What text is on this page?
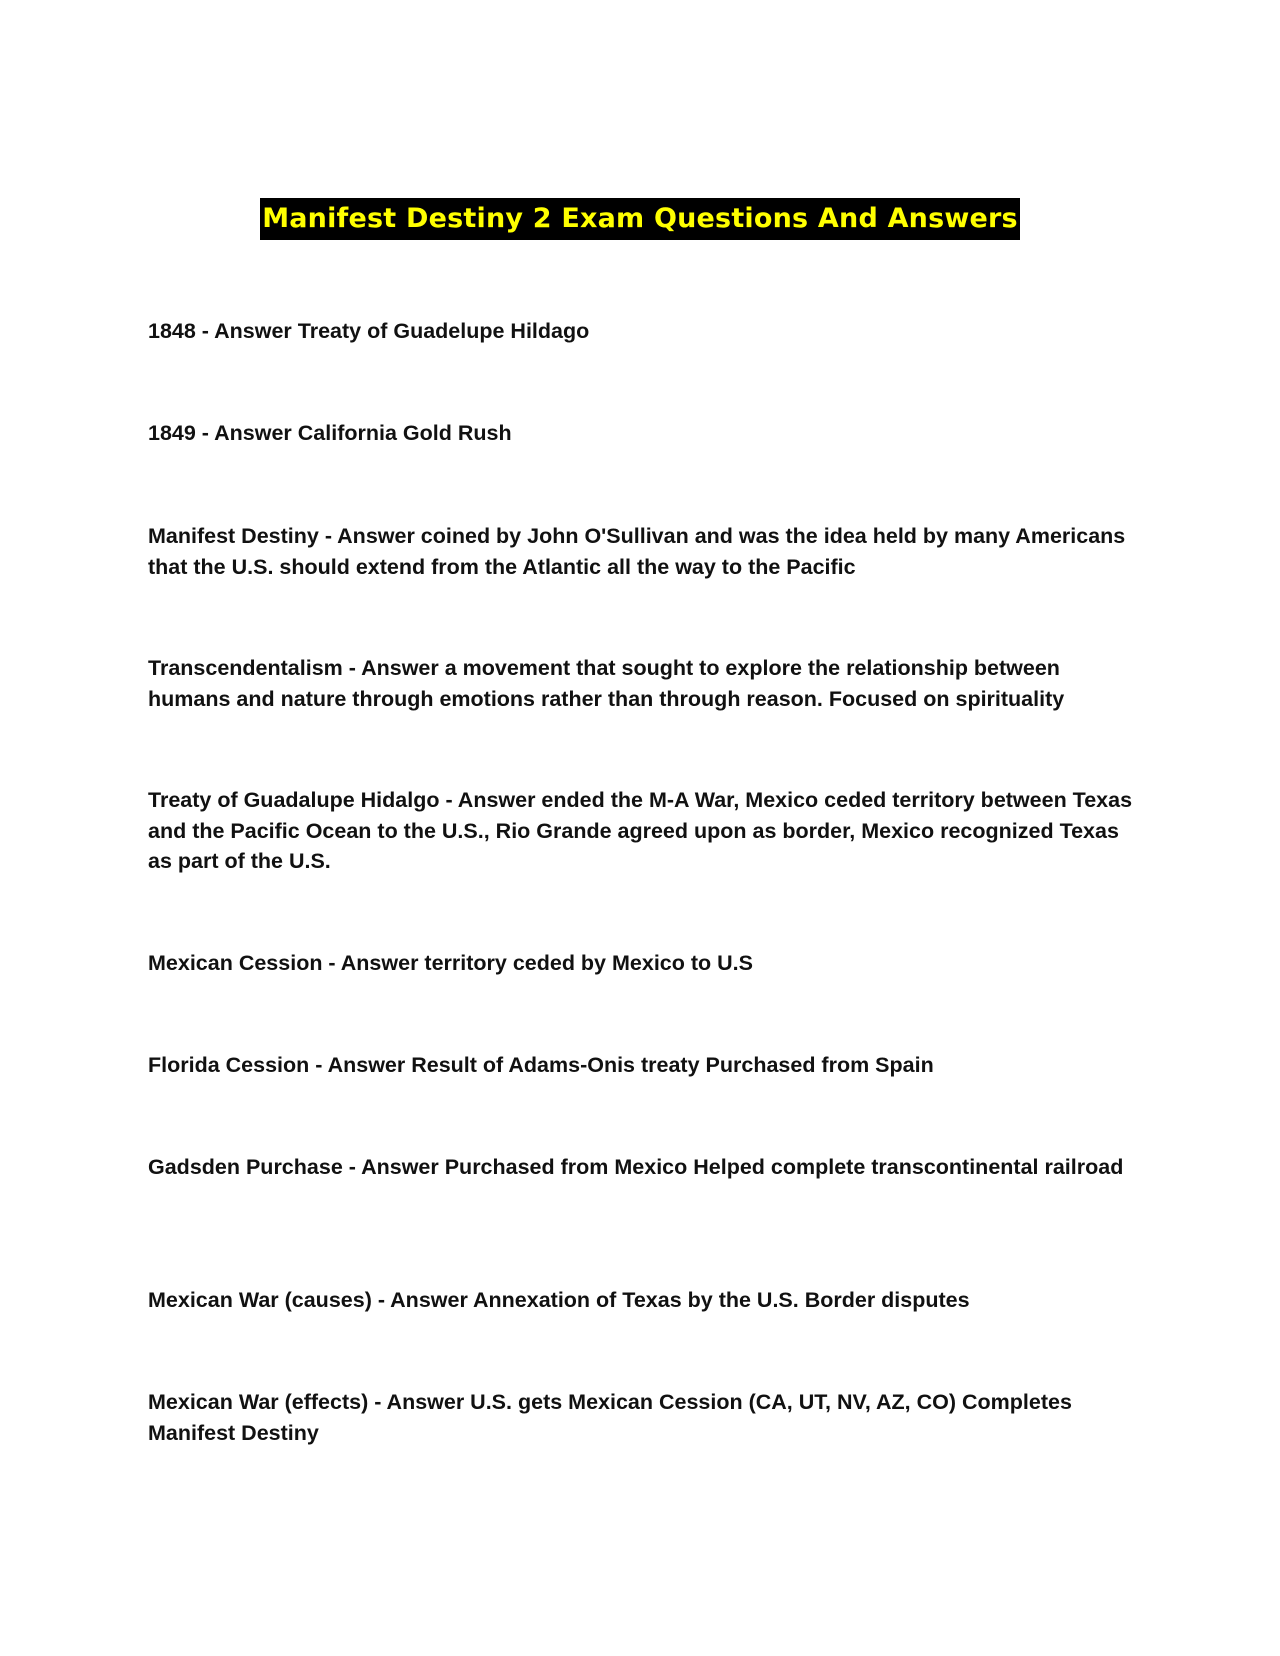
Manifest Destiny 2 Exam Questions And Answers
1848 - Answer Treaty of Guadelupe Hildago
1849 - Answer California Gold Rush
Manifest Destiny - Answer coined by John O'Sullivan and was the idea held by many Americans that the U.S. should extend from the Atlantic all the way to the Pacific
Transcendentalism - Answer a movement that sought to explore the relationship between humans and nature through emotions rather than through reason. Focused on spirituality
Treaty of Guadalupe Hidalgo - Answer ended the M-A War, Mexico ceded territory between Texas and the Pacific Ocean to the U.S., Rio Grande agreed upon as border, Mexico recognized Texas as part of the U.S.
Mexican Cession - Answer territory ceded by Mexico to U.S
Florida Cession - Answer Result of Adams-Onis treaty Purchased from Spain
Gadsden Purchase - Answer Purchased from Mexico Helped complete transcontinental railroad
Mexican War (causes) - Answer Annexation of Texas by the U.S. Border disputes
Mexican War (effects) - Answer U.S. gets Mexican Cession (CA, UT, NV, AZ, CO) Completes Manifest Destiny
